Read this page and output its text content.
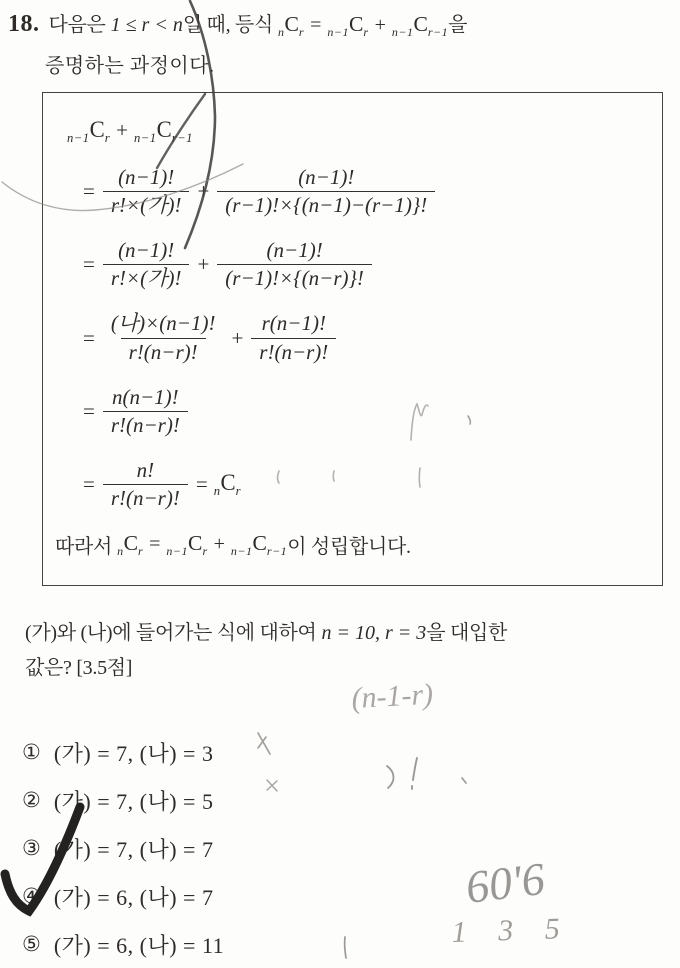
18. 다음은
1 ≤ r < n 일 때, 등식
$_nC_r = _{n-1}C_r + _{n-1}C_{r-1}$ 을
증명하는 과정이다.
$_{n-1}C_r + _{n-1}C_{r-1}$
= $\frac{(n-1)!}{\text{r!×(가)!}} + \frac{(n-1)!}{(r-1)!\times\{(n-1)-(r-1)\}!}$
= $\frac{(n-1)!}{\text{r!×(가)!}} + \frac{(n-1)!}{(r-1)!\times\{(n-r)\}!}$
= $\frac{\text{(나)×(n−1)!}}{r!(n-r)!} + \frac{r(n-1)!}{r!(n-r)!}$
= $\frac{n(n-1)!}{r!(n-r)!}$
= $\frac{n!}{r!(n-r)!} = _nC_r$
따라서
$_nC_r = _{n-1}C_r + _{n-1}C_{r-1}$ 이 성립합니다.
(가)와 (나)에 들어가는 식에 대하여 n = 10, r = 3을 대입한
값은? [3.5점]
① (가) = 7, (나) = 3
② (가) = 7, (나) = 5
③ (가) = 7, (나) = 7
④ (가) = 6, (나) = 7
⑤ (가) = 6, (나) = 11
(n-1-r)
60'6
1 3 5
